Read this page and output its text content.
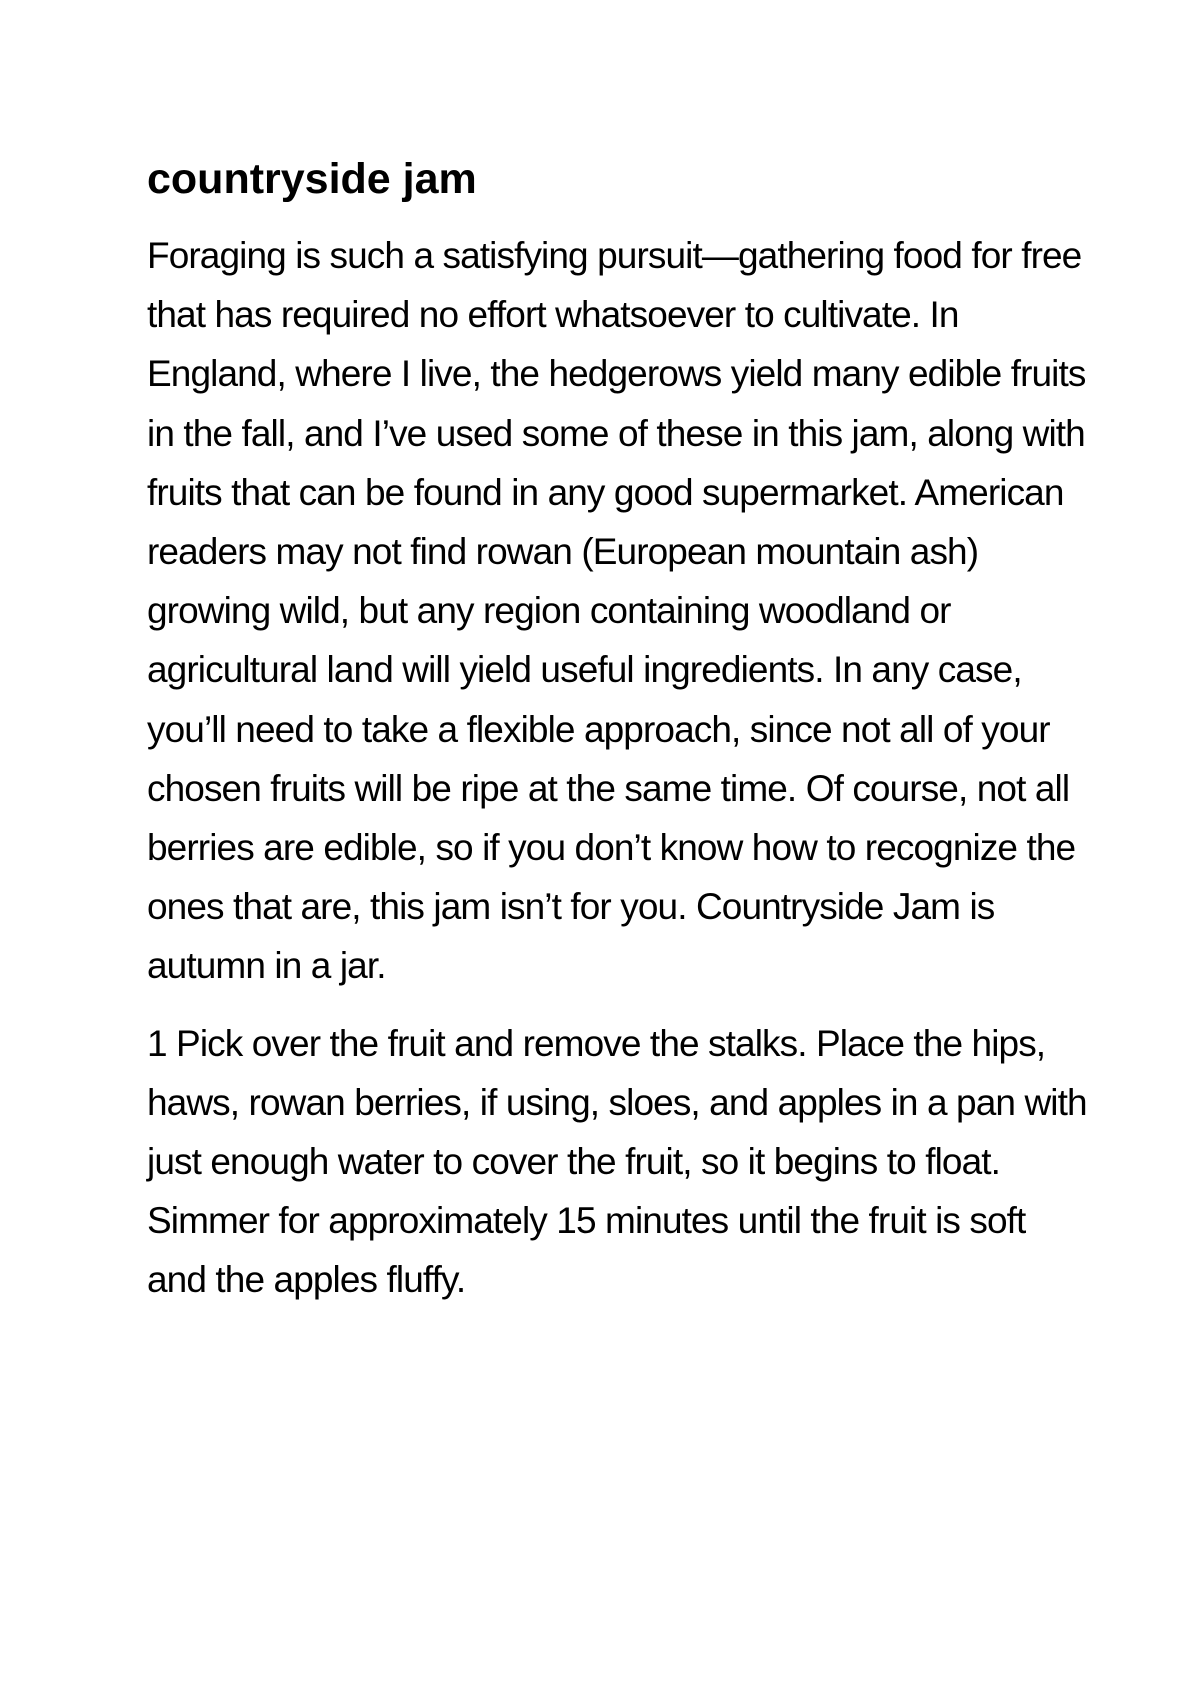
countryside jam

Foraging is such a satisfying pursuit—gathering food for free that has required no effort whatsoever to cultivate. In England, where I live, the hedgerows yield many edible fruits in the fall, and I’ve used some of these in this jam, along with fruits that can be found in any good supermarket. American readers may not find rowan (European mountain ash) growing wild, but any region containing woodland or agricultural land will yield useful ingredients. In any case, you’ll need to take a flexible approach, since not all of your chosen fruits will be ripe at the same time. Of course, not all berries are edible, so if you don’t know how to recognize the ones that are, this jam isn’t for you. Countryside Jam is autumn in a jar.

1 Pick over the fruit and remove the stalks. Place the hips, haws, rowan berries, if using, sloes, and apples in a pan with just enough water to cover the fruit, so it begins to float. Simmer for approximately 15 minutes until the fruit is soft and the apples fluffy.
